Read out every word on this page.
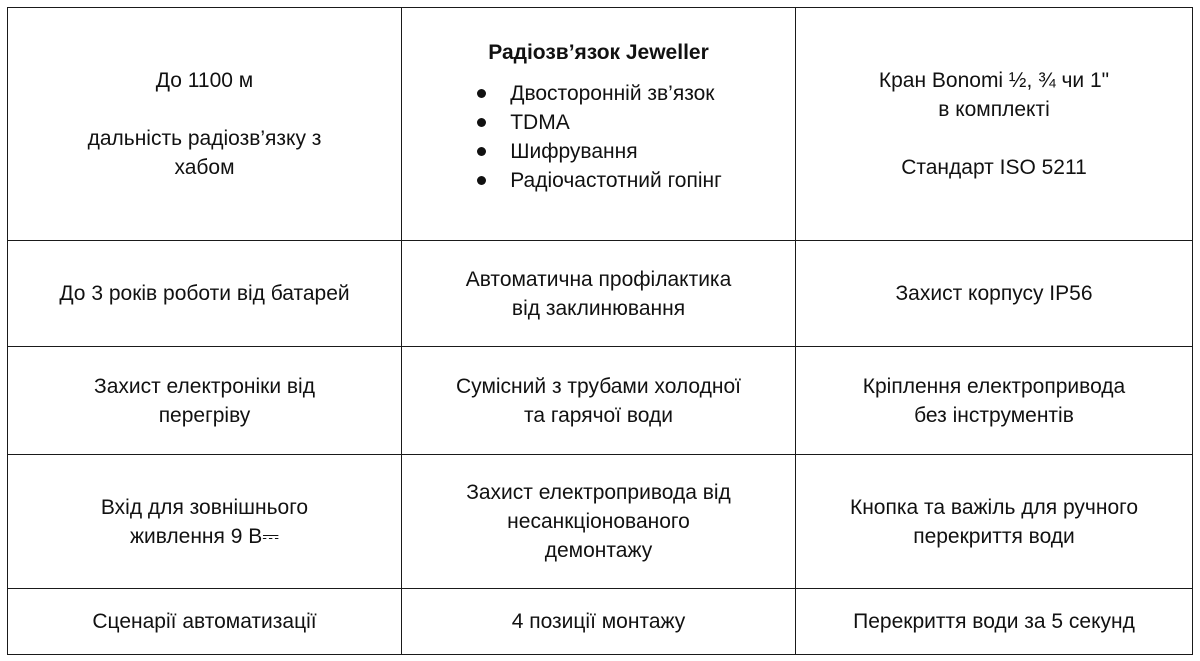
До 1100 м
дальність радіозв’язку з
хабом
Радіозв’язок Jeweller
Двосторонній зв’язок
TDMA
Шифрування
Радіочастотний гопінг
Кран Bonomi ½, ¾ чи 1"
в комплекті
Стандарт ISO 5211
До 3 років роботи від батарей
Автоматична профілактика
від заклинювання
Захист корпусу IP56
Захист електроніки від
перегріву
Сумісний з трубами холодної
та гарячої води
Кріплення електропривода
без інструментів
Вхід для зовнішнього
живлення 9 В⎓
Захист електропривода від
несанкціонованого
демонтажу
Кнопка та важіль для ручного
перекриття води
Сценарії автоматизації	4 позиції монтажу	Перекриття води за 5 секунд
